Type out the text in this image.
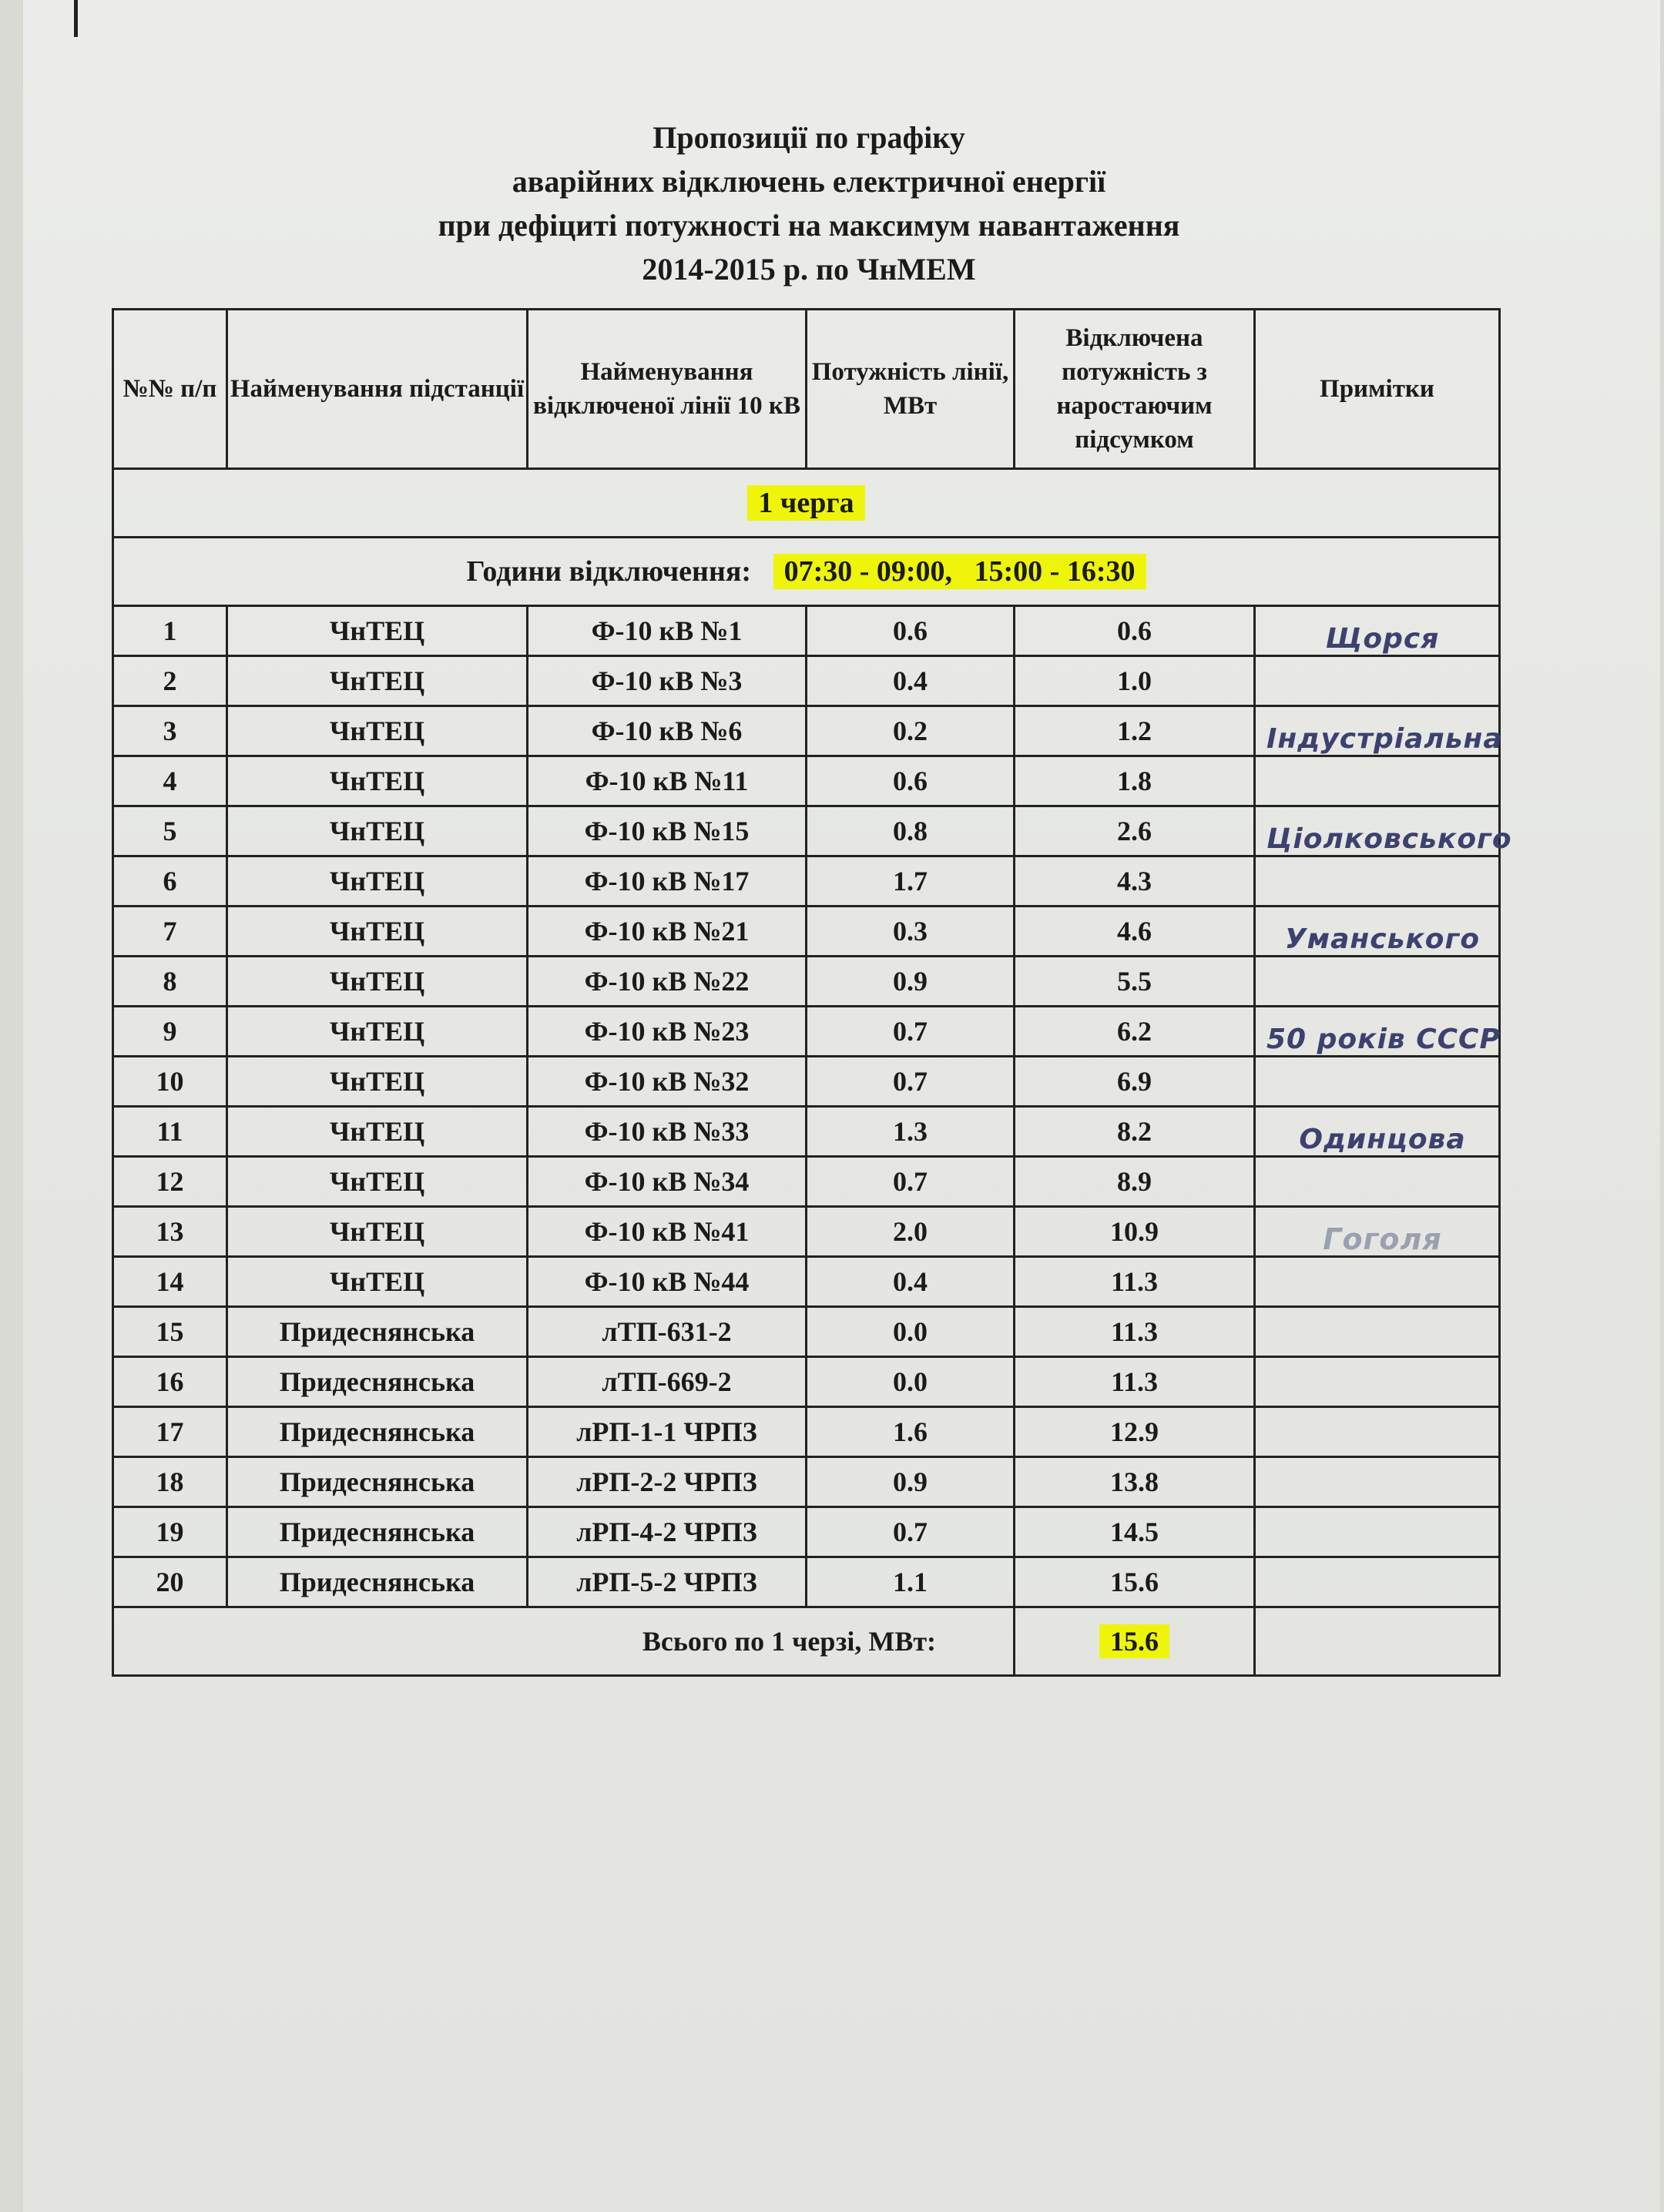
Пропозиції по графіку
аварійних відключень електричної енергії
при дефіциті потужності на максимум навантаження
2014-2015 р. по ЧнМЕМ
№№ п/п	Найменування підстанції	Найменування відключеної лінії 10 кВ	Потужність лінії, МВт	Відключена потужність з наростаючим підсумком	Примітки
1 черга					
Години відключення: 07:30 - 09:00,   15:00 - 16:30					
1	ЧнТЕЦ	Ф-10 кВ №1	0.6	0.6	Щорся
2	ЧнТЕЦ	Ф-10 кВ №3	0.4	1.0	
3	ЧнТЕЦ	Ф-10 кВ №6	0.2	1.2	Індустріальна
4	ЧнТЕЦ	Ф-10 кВ №11	0.6	1.8	
5	ЧнТЕЦ	Ф-10 кВ №15	0.8	2.6	Ціолковського
6	ЧнТЕЦ	Ф-10 кВ №17	1.7	4.3	
7	ЧнТЕЦ	Ф-10 кВ №21	0.3	4.6	Уманського
8	ЧнТЕЦ	Ф-10 кВ №22	0.9	5.5	
9	ЧнТЕЦ	Ф-10 кВ №23	0.7	6.2	50 років СССР
10	ЧнТЕЦ	Ф-10 кВ №32	0.7	6.9	
11	ЧнТЕЦ	Ф-10 кВ №33	1.3	8.2	Одинцова
12	ЧнТЕЦ	Ф-10 кВ №34	0.7	8.9	
13	ЧнТЕЦ	Ф-10 кВ №41	2.0	10.9	Гоголя
14	ЧнТЕЦ	Ф-10 кВ №44	0.4	11.3	
15	Придеснянська	лТП-631-2	0.0	11.3	
16	Придеснянська	лТП-669-2	0.0	11.3	
17	Придеснянська	лРП-1-1 ЧРПЗ	1.6	12.9	
18	Придеснянська	лРП-2-2 ЧРПЗ	0.9	13.8	
19	Придеснянська	лРП-4-2 ЧРПЗ	0.7	14.5	
20	Придеснянська	лРП-5-2 ЧРПЗ	1.1	15.6	
Всього по 1 черзі, МВт:				15.6	
